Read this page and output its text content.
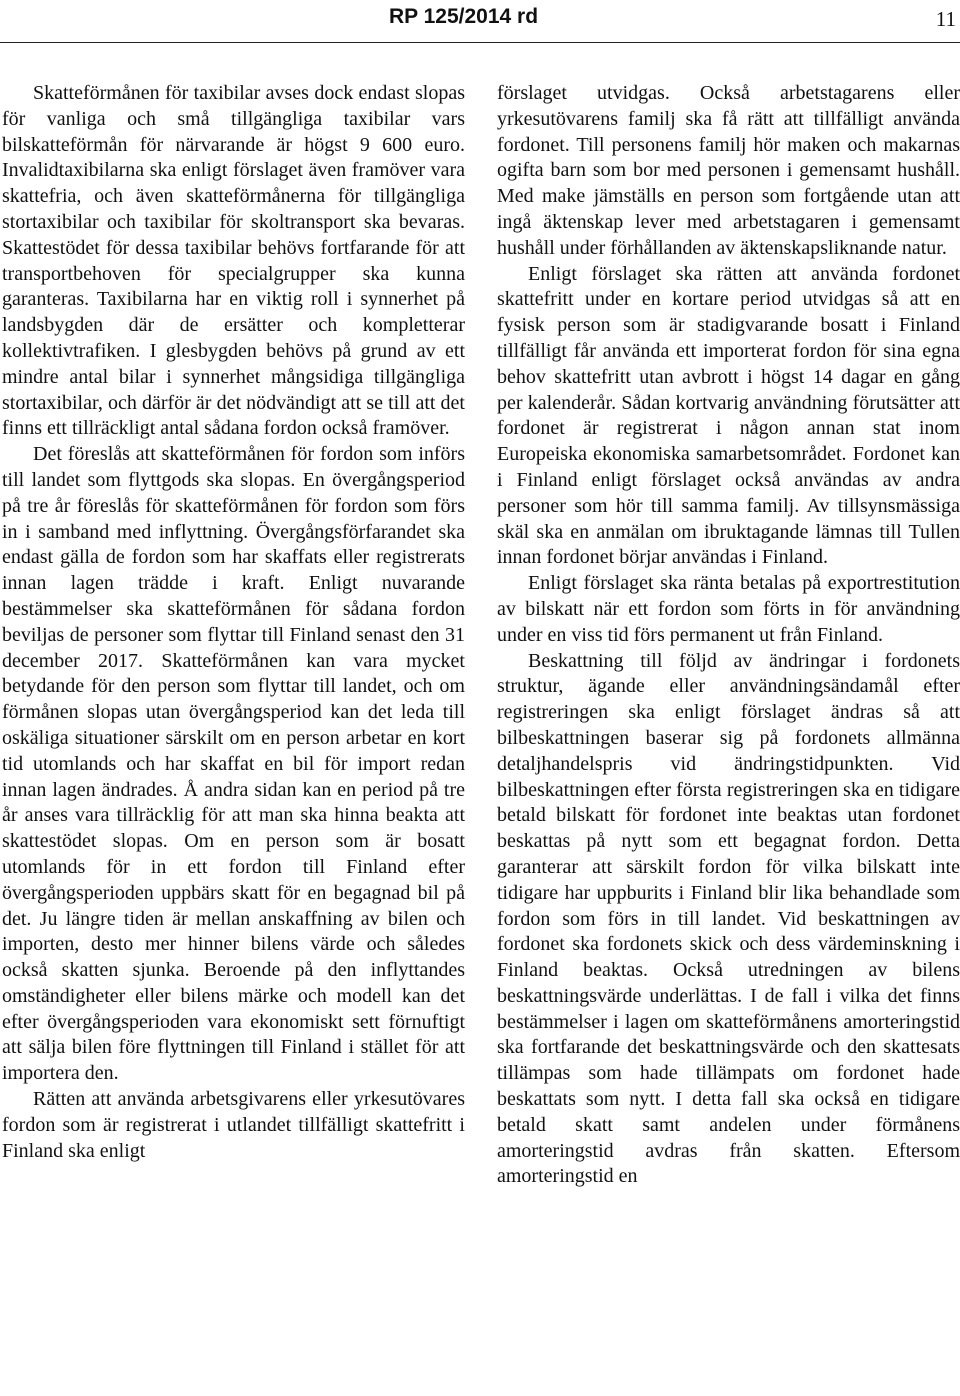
RP 125/2014 rd	11

Skatteförmånen för taxibilar avses dock endast slopas för vanliga och små tillgängliga taxibilar vars bilskatteförmån för närvarande är högst 9 600 euro. Invalidtaxibilarna ska enligt förslaget även framöver vara skattefria, och även skatteförmånerna för tillgängliga stortaxibilar och taxibilar för skoltransport ska bevaras. Skattestödet för dessa taxibilar behövs fortfarande för att transportbehoven för specialgrupper ska kunna garanteras. Taxibilarna har en viktig roll i synnerhet på landsbygden där de ersätter och kompletterar kollektivtrafiken. I glesbygden behövs på grund av ett mindre antal bilar i synnerhet mångsidiga tillgängliga stortaxibilar, och därför är det nödvändigt att se till att det finns ett tillräckligt antal sådana fordon också framöver.

Det föreslås att skatteförmånen för fordon som införs till landet som flyttgods ska slopas. En övergångsperiod på tre år föreslås för skatteförmånen för fordon som förs in i samband med inflyttning. Övergångsförfarandet ska endast gälla de fordon som har skaffats eller registrerats innan lagen trädde i kraft. Enligt nuvarande bestämmelser ska skatteförmånen för sådana fordon beviljas de personer som flyttar till Finland senast den 31 december 2017. Skatteförmånen kan vara mycket betydande för den person som flyttar till landet, och om förmånen slopas utan övergångsperiod kan det leda till oskäliga situationer särskilt om en person arbetar en kort tid utomlands och har skaffat en bil för import redan innan lagen ändrades. Å andra sidan kan en period på tre år anses vara tillräcklig för att man ska hinna beakta att skattestödet slopas. Om en person som är bosatt utomlands för in ett fordon till Finland efter övergångsperioden uppbärs skatt för en begagnad bil på det. Ju längre tiden är mellan anskaffning av bilen och importen, desto mer hinner bilens värde och således också skatten sjunka. Beroende på den inflyttandes omständigheter eller bilens märke och modell kan det efter övergångsperioden vara ekonomiskt sett förnuftigt att sälja bilen före flyttningen till Finland i stället för att importera den.

Rätten att använda arbetsgivarens eller yrkesutövares fordon som är registrerat i utlandet tillfälligt skattefritt i Finland ska enligt

förslaget utvidgas. Också arbetstagarens eller yrkesutövarens familj ska få rätt att tillfälligt använda fordonet. Till personens familj hör maken och makarnas ogifta barn som bor med personen i gemensamt hushåll. Med make jämställs en person som fortgående utan att ingå äktenskap lever med arbetstagaren i gemensamt hushåll under förhållanden av äktenskapsliknande natur.

Enligt förslaget ska rätten att använda fordonet skattefritt under en kortare period utvidgas så att en fysisk person som är stadigvarande bosatt i Finland tillfälligt får använda ett importerat fordon för sina egna behov skattefritt utan avbrott i högst 14 dagar en gång per kalenderår. Sådan kortvarig användning förutsätter att fordonet är registrerat i någon annan stat inom Europeiska ekonomiska samarbetsområdet. Fordonet kan i Finland enligt förslaget också användas av andra personer som hör till samma familj. Av tillsynsmässiga skäl ska en anmälan om ibruktagande lämnas till Tullen innan fordonet börjar användas i Finland.

Enligt förslaget ska ränta betalas på exportrestitution av bilskatt när ett fordon som förts in för användning under en viss tid förs permanent ut från Finland.

Beskattning till följd av ändringar i fordonets struktur, ägande eller användningsändamål efter registreringen ska enligt förslaget ändras så att bilbeskattningen baserar sig på fordonets allmänna detaljhandelspris vid ändringstidpunkten. Vid bilbeskattningen efter första registreringen ska en tidigare betald bilskatt för fordonet inte beaktas utan fordonet beskattas på nytt som ett begagnat fordon. Detta garanterar att särskilt fordon för vilka bilskatt inte tidigare har uppburits i Finland blir lika behandlade som fordon som förs in till landet. Vid beskattningen av fordonet ska fordonets skick och dess värdeminskning i Finland beaktas. Också utredningen av bilens beskattningsvärde underlättas. I de fall i vilka det finns bestämmelser i lagen om skatteförmånens amorteringstid ska fortfarande det beskattningsvärde och den skattesats tillämpas som hade tillämpats om fordonet hade beskattats som nytt. I detta fall ska också en tidigare betald skatt samt andelen under förmånens amorteringstid avdras från skatten. Eftersom amorteringstid en
